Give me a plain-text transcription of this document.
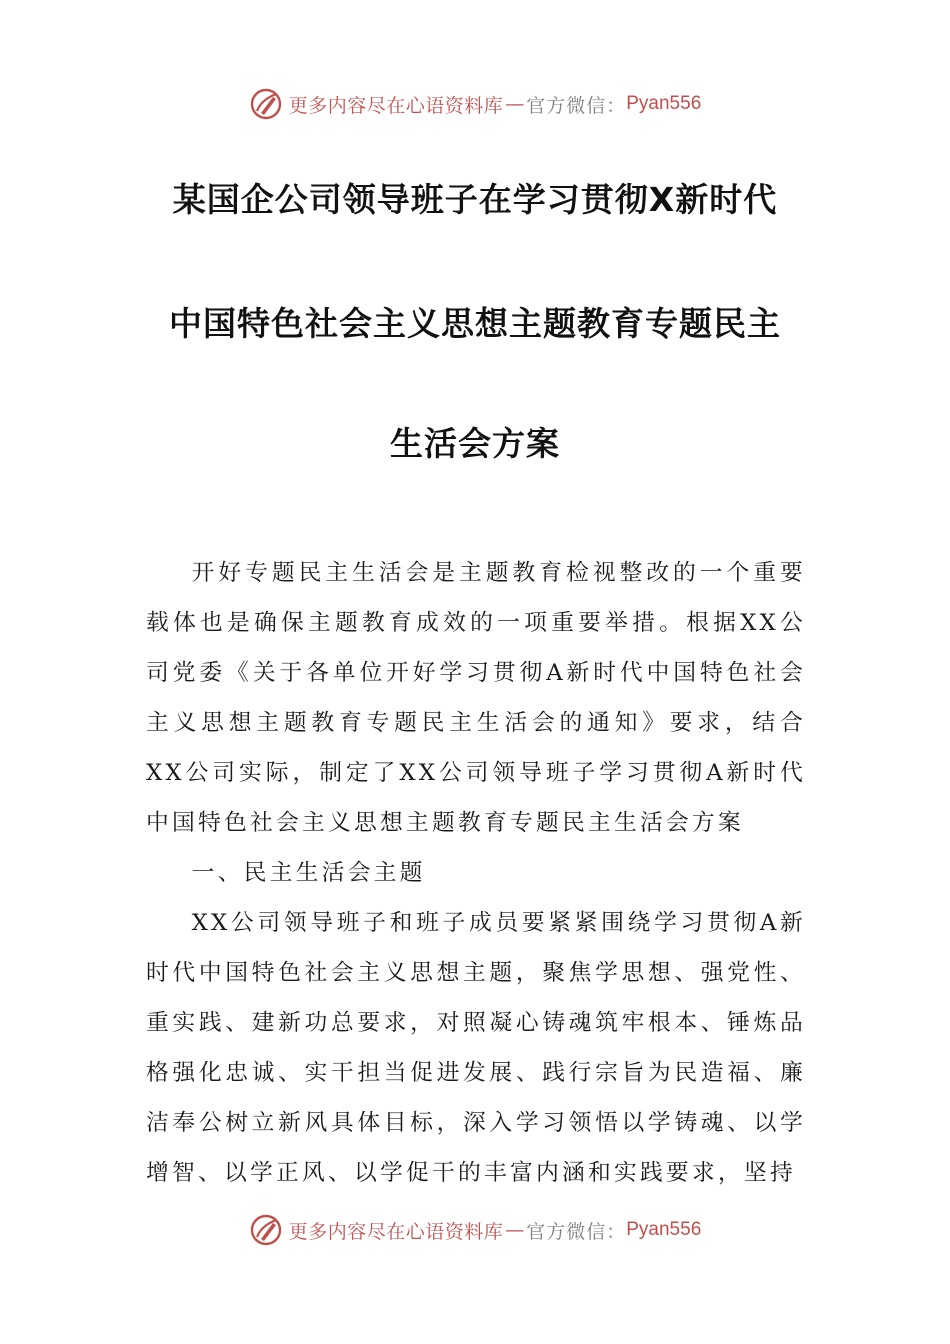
更多内容尽在心语资料库 — 官方微信： Pyan556
某国企公司领导班子在学习贯彻X新时代
中国特色社会主义思想主题教育专题民主
生活会方案

开好专题民主生活会是主题教育检视整改的一个重要载体也是确保主题教育成效的一项重要举措。根据XX公司党委《关于各单位开好学习贯彻A新时代中国特色社会主义思想主题教育专题民主生活会的通知》要求，结合XX公司实际，制定了XX公司领导班子学习贯彻A新时代中国特色社会主义思想主题教育专题民主生活会方案

一、民主生活会主题

XX公司领导班子和班子成员要紧紧围绕学习贯彻A新时代中国特色社会主义思想主题，聚焦学思想、强党性、重实践、建新功总要求，对照凝心铸魂筑牢根本、锤炼品格强化忠诚、实干担当促进发展、践行宗旨为民造福、廉洁奉公树立新风具体目标，深入学习领悟以学铸魂、以学增智、以学正风、以学促干的丰富内涵和实践要求，坚持

更多内容尽在心语资料库 — 官方微信： Pyan556
